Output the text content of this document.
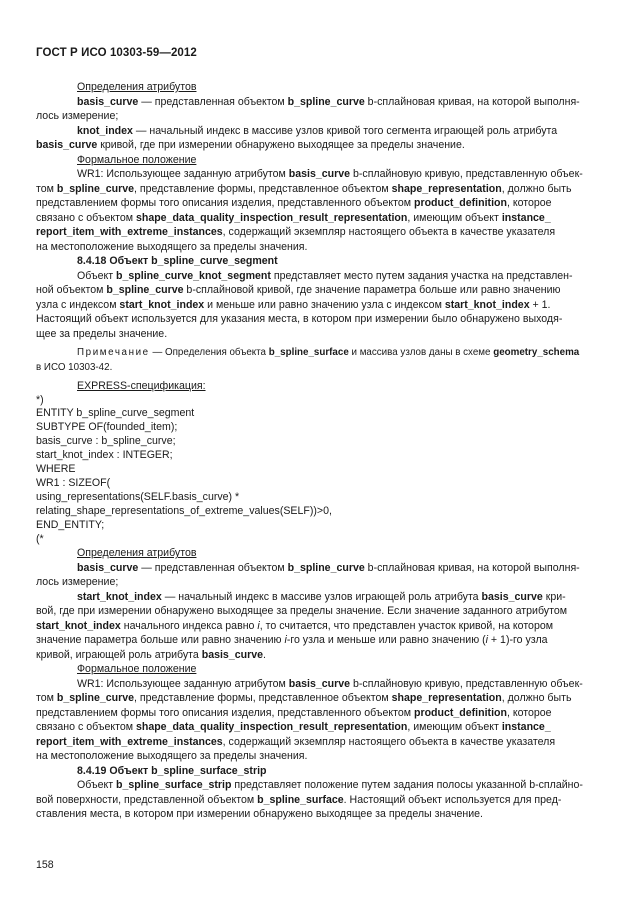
ГОСТ Р ИСО 10303-59—2012
Определения атрибутов
basis_curve — представленная объектом b_spline_curve b-сплайновая кривая, на которой выполня-
лось измерение;
knot_index — начальный индекс в массиве узлов кривой того сегмента играющей роль атрибута
basis_curve кривой, где при измерении обнаружено выходящее за пределы значение.
Формальное положение
WR1: Использующее заданную атрибутом basis_curve b-сплайновую кривую, представленную объек-
том b_spline_curve, представление формы, представленное объектом shape_representation, должно быть
представлением формы того описания изделия, представленного объектом product_definition, которое
связано с объектом shape_data_quality_inspection_result_representation, имеющим объект instance_
report_item_with_extreme_instances, содержащий экземпляр настоящего объекта в качестве указателя
на местоположение выходящего за пределы значения.
8.4.18 Объект b_spline_curve_segment
Объект b_spline_curve_knot_segment представляет место путем задания участка на представлен-
ной объектом b_spline_curve b-сплайновой кривой, где значение параметра больше или равно значению
узла с индексом start_knot_index и меньше или равно значению узла с индексом start_knot_index + 1.
Настоящий объект используется для указания места, в котором при измерении было обнаружено выходя-
щее за пределы значение.
Примечание — Определения объекта b_spline_surface и массива узлов даны в схеме geometry_schema
в ИСО 10303-42.
EXPRESS-спецификация:
*)
ENTITY b_spline_curve_segment
SUBTYPE OF(founded_item);
basis_curve : b_spline_curve;
start_knot_index : INTEGER;
WHERE
WR1 : SIZEOF(
using_representations(SELF.basis_curve) *
relating_shape_representations_of_extreme_values(SELF))>0,
END_ENTITY;
(*
Определения атрибутов
basis_curve — представленная объектом b_spline_curve b-сплайновая кривая, на которой выполня-
лось измерение;
start_knot_index — начальный индекс в массиве узлов играющей роль атрибута basis_curve кри-
вой, где при измерении обнаружено выходящее за пределы значение. Если значение заданного атрибутом
start_knot_index начального индекса равно i, то считается, что представлен участок кривой, на котором
значение параметра больше или равно значению i-го узла и меньше или равно значению (i + 1)-го узла
кривой, играющей роль атрибута basis_curve.
Формальное положение
WR1: Использующее заданную атрибутом basis_curve b-сплайновую кривую, представленную объек-
том b_spline_curve, представление формы, представленное объектом shape_representation, должно быть
представлением формы того описания изделия, представленного объектом product_definition, которое
связано с объектом shape_data_quality_inspection_result_representation, имеющим объект instance_
report_item_with_extreme_instances, содержащий экземпляр настоящего объекта в качестве указателя
на местоположение выходящего за пределы значения.
8.4.19 Объект b_spline_surface_strip
Объект b_spline_surface_strip представляет положение путем задания полосы указанной b-сплайно-
вой поверхности, представленной объектом b_spline_surface. Настоящий объект используется для пред-
ставления места, в котором при измерении обнаружено выходящее за пределы значение.
158
